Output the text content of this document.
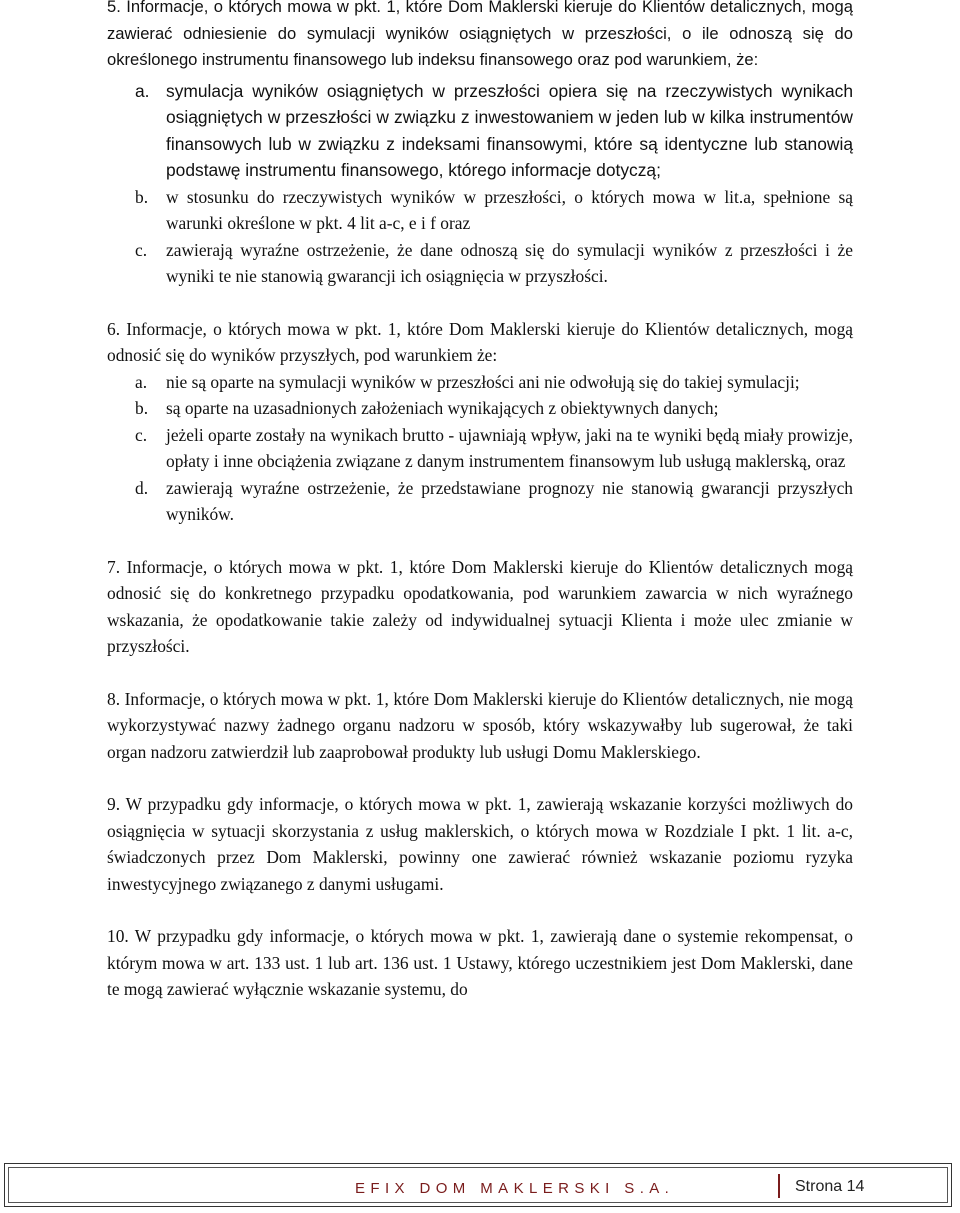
5. Informacje, o których mowa w pkt. 1, które Dom Maklerski kieruje do Klientów detalicznych, mogą zawierać odniesienie do symulacji wyników osiągniętych w przeszłości, o ile odnoszą się do określonego instrumentu finansowego lub indeksu finansowego oraz pod warunkiem, że:
a. symulacja wyników osiągniętych w przeszłości opiera się na rzeczywistych wynikach osiągniętych w przeszłości w związku z inwestowaniem w jeden lub w kilka instrumentów finansowych lub w związku z indeksami finansowymi, które są identyczne lub stanowią podstawę instrumentu finansowego, którego informacje dotyczą;
b. w stosunku do rzeczywistych wyników w przeszłości, o których mowa w lit.a, spełnione są warunki określone w pkt. 4 lit a-c, e i f oraz
c. zawierają wyraźne ostrzeżenie, że dane odnoszą się do symulacji wyników z przeszłości i że wyniki te nie stanowią gwarancji ich osiągnięcia w przyszłości.
6. Informacje, o których mowa w pkt. 1, które Dom Maklerski kieruje do Klientów detalicznych, mogą odnosić się do wyników przyszłych, pod warunkiem że:
a. nie są oparte na symulacji wyników w przeszłości ani nie odwołują się do takiej symulacji;
b. są oparte na uzasadnionych założeniach wynikających z obiektywnych danych;
c. jeżeli oparte zostały na wynikach brutto - ujawniają wpływ, jaki na te wyniki będą miały prowizje, opłaty i inne obciążenia związane z danym instrumentem finansowym lub usługą maklerską, oraz
d. zawierają wyraźne ostrzeżenie, że przedstawiane prognozy nie stanowią gwarancji przyszłych wyników.
7. Informacje, o których mowa w pkt. 1, które Dom Maklerski kieruje do Klientów detalicznych mogą odnosić się do konkretnego przypadku opodatkowania, pod warunkiem zawarcia w nich wyraźnego wskazania, że opodatkowanie takie zależy od indywidualnej sytuacji Klienta i może ulec zmianie w przyszłości.
8. Informacje, o których mowa w pkt. 1, które Dom Maklerski kieruje do Klientów detalicznych, nie mogą wykorzystywać nazwy żadnego organu nadzoru w sposób, który wskazywałby lub sugerował, że taki organ nadzoru zatwierdził lub zaaprobował produkty lub usługi Domu Maklerskiego.
9. W przypadku gdy informacje, o których mowa w pkt. 1, zawierają wskazanie korzyści możliwych do osiągnięcia w sytuacji skorzystania z usług maklerskich, o których mowa w Rozdziale I pkt. 1 lit. a-c, świadczonych przez Dom Maklerski, powinny one zawierać również wskazanie poziomu ryzyka inwestycyjnego związanego z danymi usługami.
10. W przypadku gdy informacje, o których mowa w pkt. 1, zawierają dane o systemie rekompensat, o którym mowa w art. 133 ust. 1 lub art. 136 ust. 1 Ustawy, którego uczestnikiem jest Dom Maklerski, dane te mogą zawierać wyłącznie wskazanie systemu, do
EFIX DOM MAKLERSKI S.A.	Strona 14
